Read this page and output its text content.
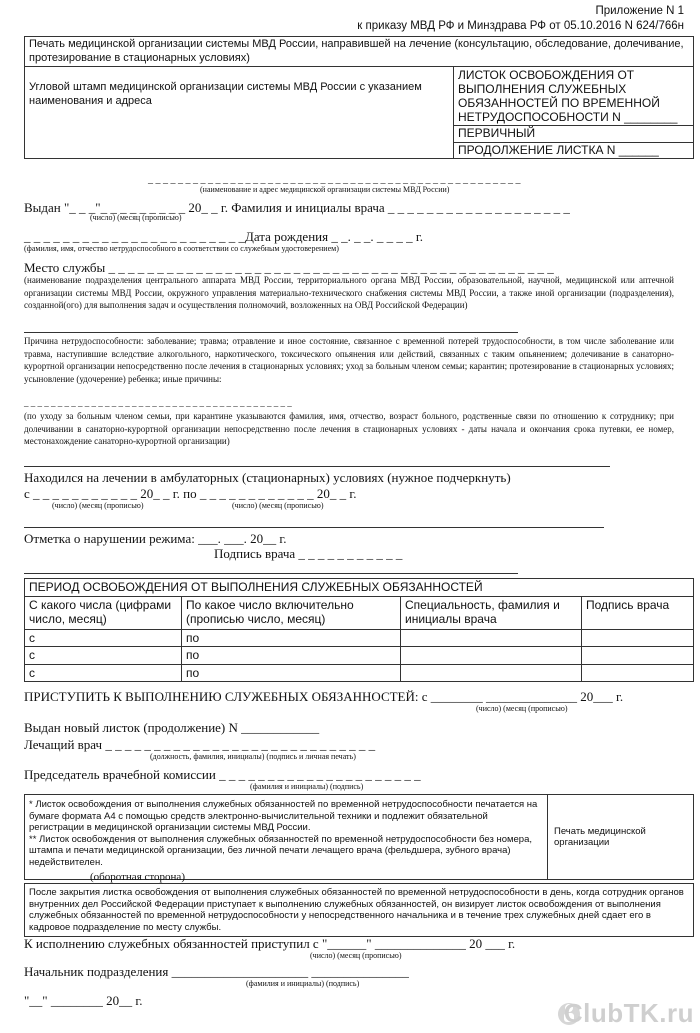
Приложение N 1
к приказу МВД РФ и Минздрава РФ от 05.10.2016 N 624/766н
Печать медицинской организации системы МВД России, направившей на лечение (консультацию, обследование, долечивание, протезирование в стационарных условиях)
Угловой штамп медицинской организации системы МВД России с указанием наименования и адреса	ЛИСТОК ОСВОБОЖДЕНИЯ ОТ ВЫПОЛНЕНИЯ СЛУЖЕБНЫХ ОБЯЗАННОСТЕЙ ПО ВРЕМЕННОЙ НЕТРУДОСПОСОБНОСТИ N ________
ПЕРВИЧНЫЙ
ПРОДОЛЖЕНИЕ ЛИСТКА N ______
_ _ _ _ _ _ _ _ _ _ _ _ _ _ _ _ _ _ _ _ _ _ _ _ _ _ _ _ _ _ _ _ _ _ _ _ _ _ _ _ _ _ _ _ _ _ _ _ _ _
(наименование и адрес медицинской организации системы МВД России)
Выдан "_ _ _"_ _ _ _ _ _ _ _ _ 20_ _ г. Фамилия и инициалы врача _ _ _ _ _ _ _ _ _ _ _ _ _ _ _ _ _ _ _
(число) (месяц (прописью)
_ _ _ _ _ _ _ _ _ _ _ _ _ _ _ _ _ _ _ _ _ _ _Дата рождения _ _. _ _. _ _ _ _ г.
(фамилия, имя, отчество нетрудоспособного в соответствии со служебным удостоверением)
Место службы _ _ _ _ _ _ _ _ _ _ _ _ _ _ _ _ _ _ _ _ _ _ _ _ _ _ _ _ _ _ _ _ _ _ _ _ _ _ _ _ _ _ _ _ _ _
(наименование подразделения центрального аппарата МВД России, территориального органа МВД России, образовательной, научной, медицинской или аптечной организации системы МВД России, окружного управления материально-технического снабжения системы МВД России, а также иной организации (подразделения), созданной(ого) для выполнения задач и осуществления полномочий, возложенных на ОВД Российской Федерации)
Причина нетрудоспособности: заболевание; травма; отравление и иное состояние, связанное с временной потерей трудоспособности, в том числе заболевание или травма, наступившие вследствие алкогольного, наркотического, токсического опьянения или действий, связанных с таким опьянением; долечивание в санаторно-курортной организации непосредственно после лечения в стационарных условиях; уход за больным членом семьи; карантин; протезирование в стационарных условиях; усыновление (удочерение) ребенка; иные причины:
_ _ _ _ _ _ _ _ _ _ _ _ _ _ _ _ _ _ _ _ _ _ _ _ _ _ _ _ _ _ _ _ _ _ _ _ _ _ _ _
(по уходу за больным членом семьи, при карантине указываются фамилия, имя, отчество, возраст больного, родственные связи по отношению к сотруднику; при долечивании в санаторно-курортной организации непосредственно после лечения в стационарных условиях - даты начала и окончания срока путевки, ее номер, местонахождение санаторно-курортной организации)
Находился на лечении в амбулаторных (стационарных) условиях (нужное подчеркнуть)
с _ _ _ _ _ _ _ _ _ _ _ 20_ _ г. по _ _ _ _ _ _ _ _ _ _ _ _ 20_ _ г.
(число) (месяц (прописью)	(число) (месяц (прописью)
Отметка о нарушении режима: ___. ___. 20__ г.
Подпись врача _ _ _ _ _ _ _ _ _ _ _
ПЕРИОД ОСВОБОЖДЕНИЯ ОТ ВЫПОЛНЕНИЯ СЛУЖЕБНЫХ ОБЯЗАННОСТЕЙ			
С какого числа (цифрами число, месяц)	По какое число включительно (прописью число, месяц)	Специальность, фамилия и инициалы врача	Подпись врача
с	по		
с	по		
с	по		
ПРИСТУПИТЬ К ВЫПОЛНЕНИЮ СЛУЖЕБНЫХ ОБЯЗАННОСТЕЙ: с ________ ______________ 20___ г.
(число) (месяц (прописью)
Выдан новый листок (продолжение) N ____________
Лечащий врач _ _ _ _ _ _ _ _ _ _ _ _ _ _ _ _ _ _ _ _ _ _ _ _ _ _ _ _
(должность, фамилия, инициалы) (подпись и личная печать)
Председатель врачебной комиссии _ _ _ _ _ _ _ _ _ _ _ _ _ _ _ _ _ _ _ _ _
(фамилия и инициалы) (подпись)
* Листок освобождения от выполнения служебных обязанностей по временной нетрудоспособности печатается на бумаге формата А4 с помощью средств электронно-вычислительной техники и подлежит обязательной регистрации в медицинской организации системы МВД России.
** Листок освобождения от выполнения служебных обязанностей по временной нетрудоспособности без номера, штампа и печати медицинской организации, без личной печати лечащего врача (фельдшера, зубного врача) недействителен.
	Печать медицинской организации
(оборотная сторона)
После закрытия листка освобождения от выполнения служебных обязанностей по временной нетрудоспособности в день, когда сотрудник органов внутренних дел Российской Федерации приступает к выполнению служебных обязанностей, он визирует листок освобождения от выполнения служебных обязанностей по временной нетрудоспособности у непосредственного начальника и в течение трех служебных дней сдает его в кадровое подразделение по месту службы.
К исполнению служебных обязанностей приступил с "______" ______________ 20 ___ г.
(число) (месяц (прописью)
Начальник подразделения _____________________ _______________
(фамилия и инициалы) (подпись)
"__" ________ 20__ г.	ClubTK.ru
